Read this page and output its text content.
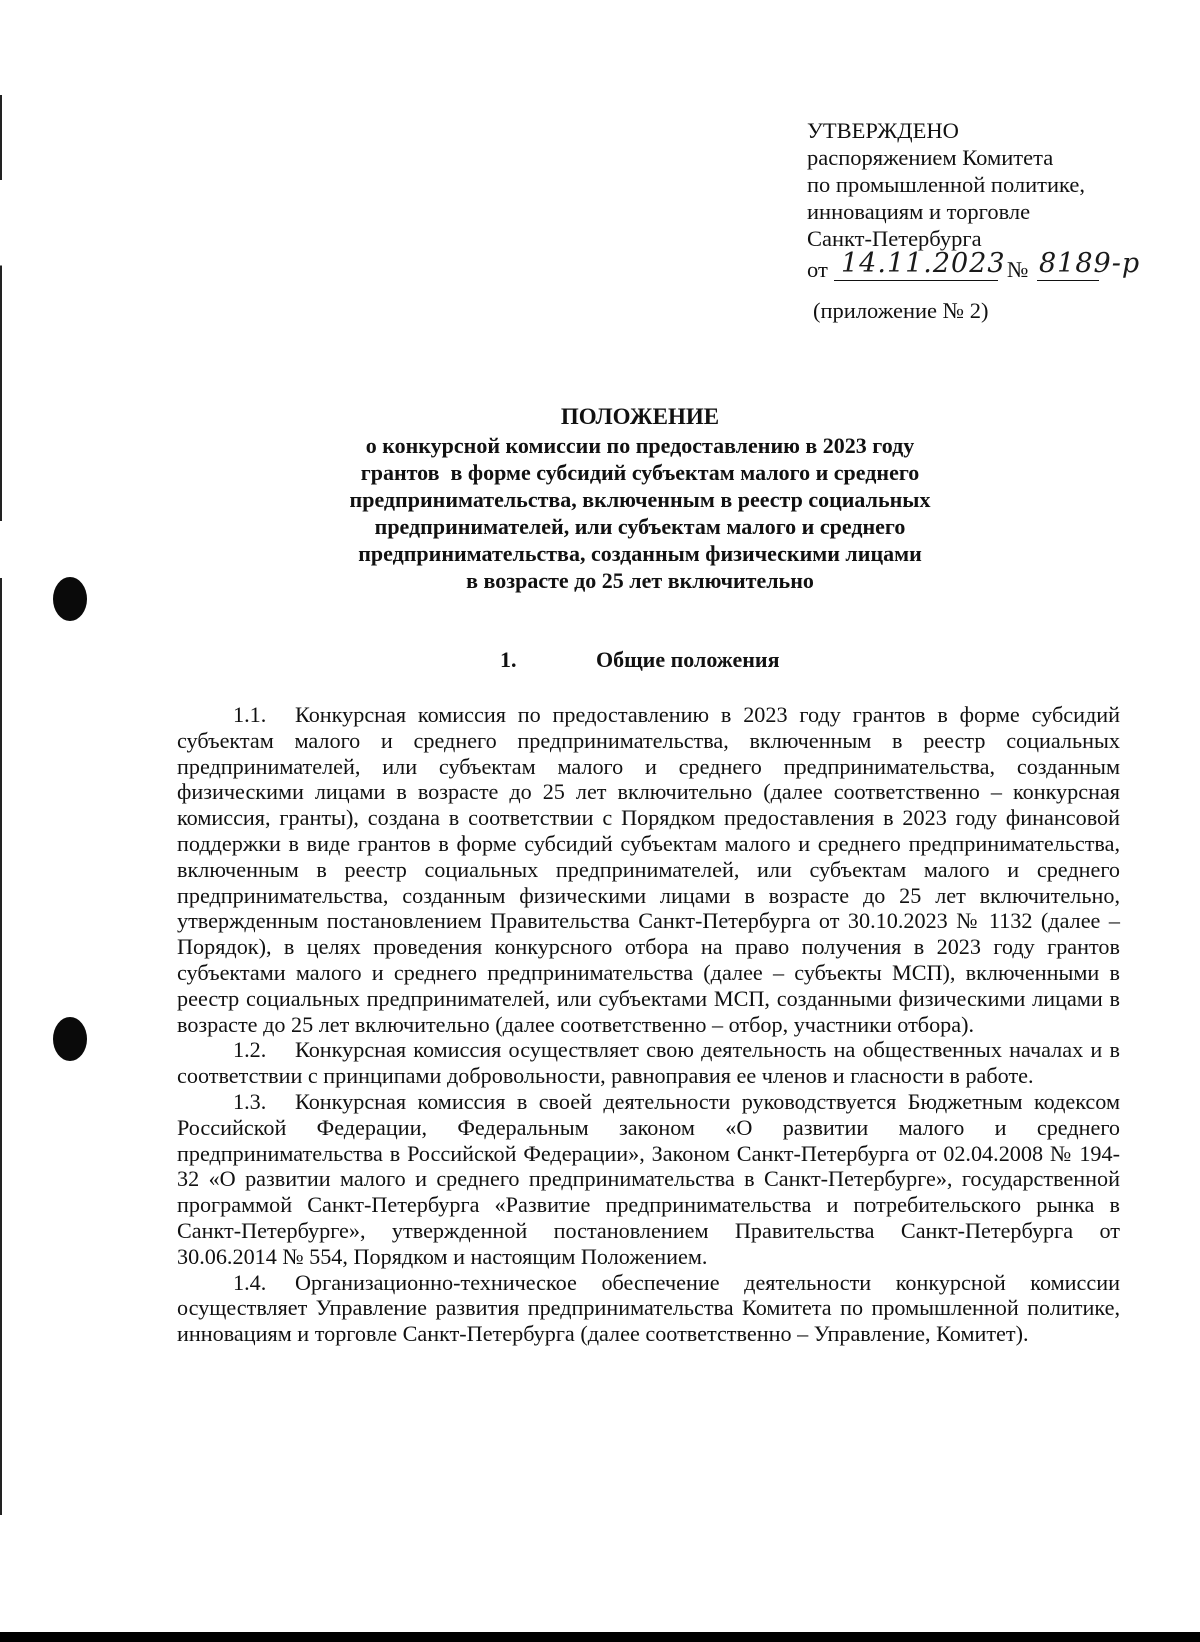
УТВЕРЖДЕНО
распоряжением Комитета
по промышленной политике,
инновациям и торговле
Санкт-Петербурга
от 14.11.2023 № 8189-р
(приложение № 2)
ПОЛОЖЕНИЕ
о конкурсной комиссии по предоставлению в 2023 году
грантов  в форме субсидий субъектам малого и среднего
предпринимательства, включенным в реестр социальных
предпринимателей, или субъектам малого и среднего
предпринимательства, созданным физическими лицами
в возрасте до 25 лет включительно
1.	Общие положения

1.1. Конкурсная комиссия по предоставлению в 2023 году грантов в форме субсидий субъектам малого и среднего предпринимательства, включенным в реестр социальных предпринимателей, или субъектам малого и среднего предпринимательства, созданным физическими лицами в возрасте до 25 лет включительно (далее соответственно – конкурсная комиссия, гранты), создана в соответствии с Порядком предоставления в 2023 году финансовой поддержки в виде грантов в форме субсидий субъектам малого и среднего предпринимательства, включенным в реестр социальных предпринимателей, или субъектам малого и среднего предпринимательства, созданным физическими лицами в возрасте до 25 лет включительно, утвержденным постановлением Правительства Санкт-Петербурга от 30.10.2023 № 1132 (далее – Порядок), в целях проведения конкурсного отбора на право получения в 2023 году грантов субъектами малого и среднего предпринимательства (далее – субъекты МСП), включенными в реестр социальных предпринимателей, или субъектами МСП, созданными физическими лицами в возрасте до 25 лет включительно (далее соответственно – отбор, участники отбора).

1.2. Конкурсная комиссия осуществляет свою деятельность на общественных началах и в соответствии с принципами добровольности, равноправия ее членов и гласности в работе.

1.3. Конкурсная комиссия в своей деятельности руководствуется Бюджетным кодексом Российской Федерации, Федеральным законом «О развитии малого и среднего предпринимательства в Российской Федерации», Законом Санкт-Петербурга от 02.04.2008 № 194-32 «О развитии малого и среднего предпринимательства в Санкт-Петербурге», государственной программой Санкт-Петербурга «Развитие предпринимательства и потребительского рынка в Санкт-Петербурге», утвержденной постановлением Правительства Санкт-Петербурга от 30.06.2014 № 554, Порядком и настоящим Положением.

1.4. Организационно-техническое обеспечение деятельности конкурсной комиссии осуществляет Управление развития предпринимательства Комитета по промышленной политике, инновациям и торговле Санкт-Петербурга (далее соответственно – Управление, Комитет).
